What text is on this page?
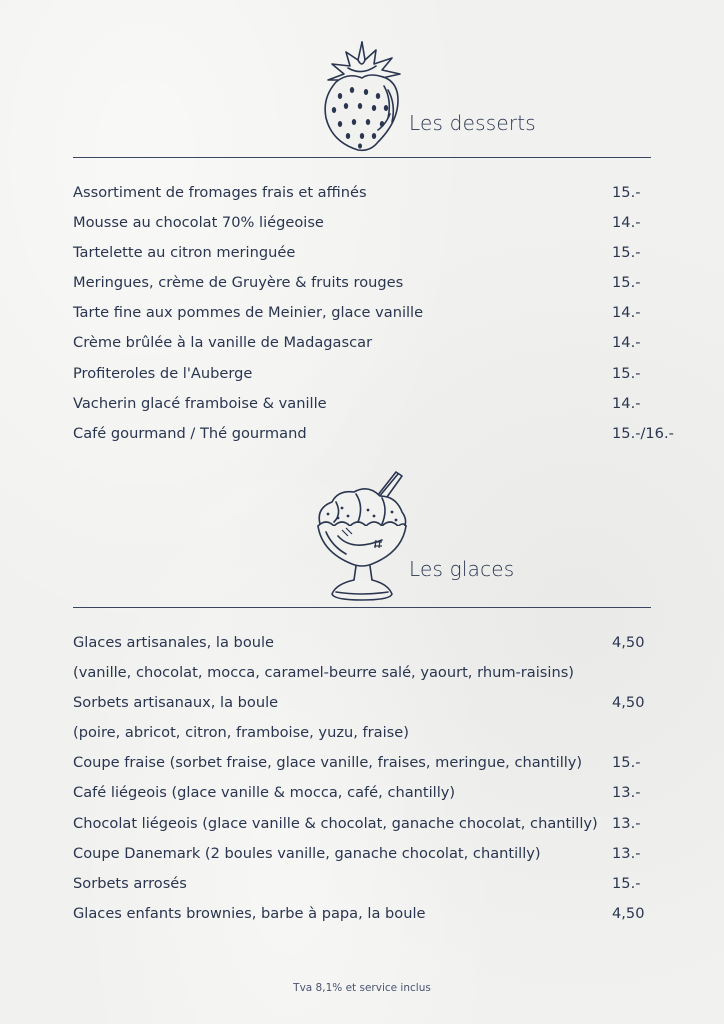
Les desserts
Assortiment de fromages frais et affinés	15.-
Mousse au chocolat 70% liégeoise	14.-
Tartelette au citron meringuée	15.-
Meringues, crème de Gruyère & fruits rouges	15.-
Tarte fine aux pommes de Meinier, glace vanille	14.-
Crème brûlée à la vanille de Madagascar	14.-
Profiteroles de l'Auberge	15.-
Vacherin glacé framboise & vanille	14.-
Café gourmand / Thé gourmand	15.-/16.-
Les glaces
Glaces artisanales, la boule	4,50
(vanille, chocolat, mocca, caramel-beurre salé, yaourt, rhum-raisins)
Sorbets artisanaux, la boule	4,50
(poire, abricot, citron, framboise, yuzu, fraise)
Coupe fraise (sorbet fraise, glace vanille, fraises, meringue, chantilly) 15.-
Café liégeois (glace vanille & mocca, café, chantilly)	13.-
Chocolat liégeois (glace vanille & chocolat, ganache chocolat, chantilly) 13.-
Coupe Danemark (2 boules vanille, ganache chocolat, chantilly)	13.-
Sorbets arrosés	15.-
Glaces enfants brownies, barbe à papa, la boule	4,50
Tva 8,1% et service inclus
